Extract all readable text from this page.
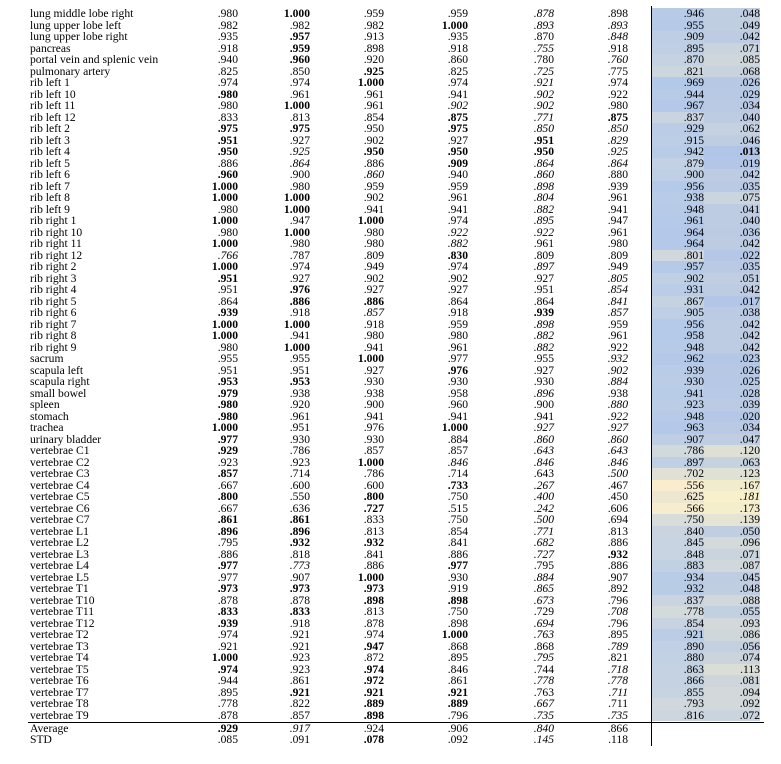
lung middle lobe right	.980	1.000	.959	.959	.878	.898	.946	.048
lung upper lobe left	.982	.982	.982	1.000	.893	.893	.955	.049
lung upper lobe right	.935	.957	.913	.935	.870	.848	.909	.042
pancreas	.918	.959	.898	.918	.755	.918	.895	.071
portal vein and splenic vein	.940	.960	.920	.860	.780	.760	.870	.085
pulmonary artery	.825	.850	.925	.825	.725	.775	.821	.068
rib left 1	.974	.974	1.000	.974	.921	.974	.969	.026
rib left 10	.980	.961	.961	.941	.902	.922	.944	.029
rib left 11	.980	1.000	.961	.902	.902	.980	.967	.034
rib left 12	.833	.813	.854	.875	.771	.875	.837	.040
rib left 2	.975	.975	.950	.975	.850	.850	.929	.062
rib left 3	.951	.927	.902	.927	.951	.829	.915	.046
rib left 4	.950	.925	.950	.950	.950	.925	.942	.013
rib left 5	.886	.864	.886	.909	.864	.864	.879	.019
rib left 6	.960	.900	.860	.940	.860	.880	.900	.042
rib left 7	1.000	.980	.959	.959	.898	.939	.956	.035
rib left 8	1.000	1.000	.902	.961	.804	.961	.938	.075
rib left 9	.980	1.000	.941	.941	.882	.941	.948	.041
rib right 1	1.000	.947	1.000	.974	.895	.947	.961	.040
rib right 10	.980	1.000	.980	.922	.922	.961	.964	.036
rib right 11	1.000	.980	.980	.882	.961	.980	.964	.042
rib right 12	.766	.787	.809	.830	.809	.809	.801	.022
rib right 2	1.000	.974	.949	.974	.897	.949	.957	.035
rib right 3	.951	.927	.902	.902	.927	.805	.902	.051
rib right 4	.951	.976	.927	.927	.951	.854	.931	.042
rib right 5	.864	.886	.886	.864	.864	.841	.867	.017
rib right 6	.939	.918	.857	.918	.939	.857	.905	.038
rib right 7	1.000	1.000	.918	.959	.898	.959	.956	.042
rib right 8	1.000	.941	.980	.980	.882	.961	.958	.042
rib right 9	.980	1.000	.941	.961	.882	.922	.948	.042
sacrum	.955	.955	1.000	.977	.955	.932	.962	.023
scapula left	.951	.951	.927	.976	.927	.902	.939	.026
scapula right	.953	.953	.930	.930	.930	.884	.930	.025
small bowel	.979	.938	.938	.958	.896	.938	.941	.028
spleen	.980	.920	.900	.960	.900	.880	.923	.039
stomach	.980	.961	.941	.941	.941	.922	.948	.020
trachea	1.000	.951	.976	1.000	.927	.927	.963	.034
urinary bladder	.977	.930	.930	.884	.860	.860	.907	.047
vertebrae C1	.929	.786	.857	.857	.643	.643	.786	.120
vertebrae C2	.923	.923	1.000	.846	.846	.846	.897	.063
vertebrae C3	.857	.714	.786	.714	.643	.500	.702	.123
vertebrae C4	.667	.600	.600	.733	.267	.467	.556	.167
vertebrae C5	.800	.550	.800	.750	.400	.450	.625	.181
vertebrae C6	.667	.636	.727	.515	.242	.606	.566	.173
vertebrae C7	.861	.861	.833	.750	.500	.694	.750	.139
vertebrae L1	.896	.896	.813	.854	.771	.813	.840	.050
vertebrae L2	.795	.932	.932	.841	.682	.886	.845	.096
vertebrae L3	.886	.818	.841	.886	.727	.932	.848	.071
vertebrae L4	.977	.773	.886	.977	.795	.886	.883	.087
vertebrae L5	.977	.907	1.000	.930	.884	.907	.934	.045
vertebrae T1	.973	.973	.973	.919	.865	.892	.932	.048
vertebrae T10	.878	.878	.898	.898	.673	.796	.837	.088
vertebrae T11	.833	.833	.813	.750	.729	.708	.778	.055
vertebrae T12	.939	.918	.878	.898	.694	.796	.854	.093
vertebrae T2	.974	.921	.974	1.000	.763	.895	.921	.086
vertebrae T3	.921	.921	.947	.868	.868	.789	.890	.056
vertebrae T4	1.000	.923	.872	.895	.795	.821	.880	.074
vertebrae T5	.974	.923	.974	.846	.744	.718	.863	.113
vertebrae T6	.944	.861	.972	.861	.778	.778	.866	.081
vertebrae T7	.895	.921	.921	.921	.763	.711	.855	.094
vertebrae T8	.778	.822	.889	.889	.667	.711	.793	.092
vertebrae T9	.878	.857	.898	.796	.735	.735	.816	.072
Average	.929	.917	.924	.906	.840	.866
STD	.085	.091	.078	.092	.145	.118
